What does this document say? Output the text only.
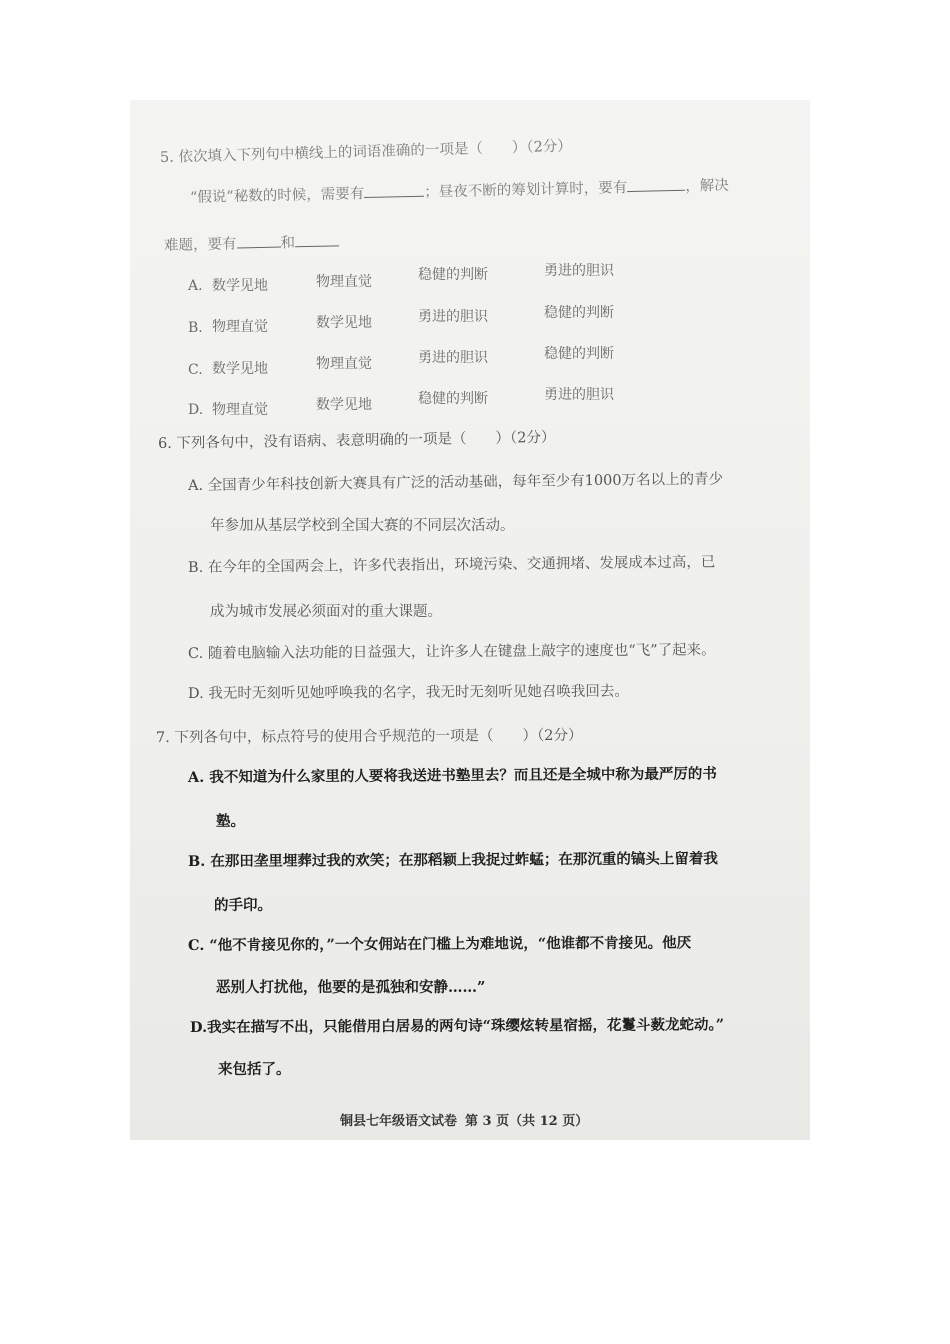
5. 依次填入下列句中横线上的词语准确的一项是（　　）（2分）
“假说”秘数的时候，需要有	；昼夜不断的筹划计算时，要有	，解决
难题，要有	和
A. 数学见地	物理直觉	稳健的判断	勇进的胆识
B. 物理直觉	数学见地	勇进的胆识	稳健的判断
C. 数学见地	物理直觉	勇进的胆识	稳健的判断
D. 物理直觉	数学见地	稳健的判断	勇进的胆识
6. 下列各句中，没有语病、表意明确的一项是（　　）（2分）
A. 全国青少年科技创新大赛具有广泛的活动基础，每年至少有1000万名以上的青少
年参加从基层学校到全国大赛的不同层次活动。
B. 在今年的全国两会上，许多代表指出，环境污染、交通拥堵、发展成本过高，已
成为城市发展必须面对的重大课题。
C. 随着电脑输入法功能的日益强大，让许多人在键盘上敲字的速度也“飞”了起来。
D. 我无时无刻听见她呼唤我的名字，我无时无刻听见她召唤我回去。
7. 下列各句中，标点符号的使用合乎规范的一项是（　　）（2分）
A. 我不知道为什么家里的人要将我送进书塾里去？而且还是全城中称为最严厉的书
塾。
B. 在那田垄里埋葬过我的欢笑；在那稻颖上我捉过蚱蜢；在那沉重的镐头上留着我
的手印。
C. “他不肯接见你的，”一个女佣站在门槛上为难地说，“他谁都不肯接见。他厌
恶别人打扰他，他要的是孤独和安静……”
D.我实在描写不出，只能借用白居易的两句诗“珠缨炫转星宿摇，花鬘斗薮龙蛇动。”
来包括了。
铜县七年级语文试卷 第 3 页（共 12 页）
